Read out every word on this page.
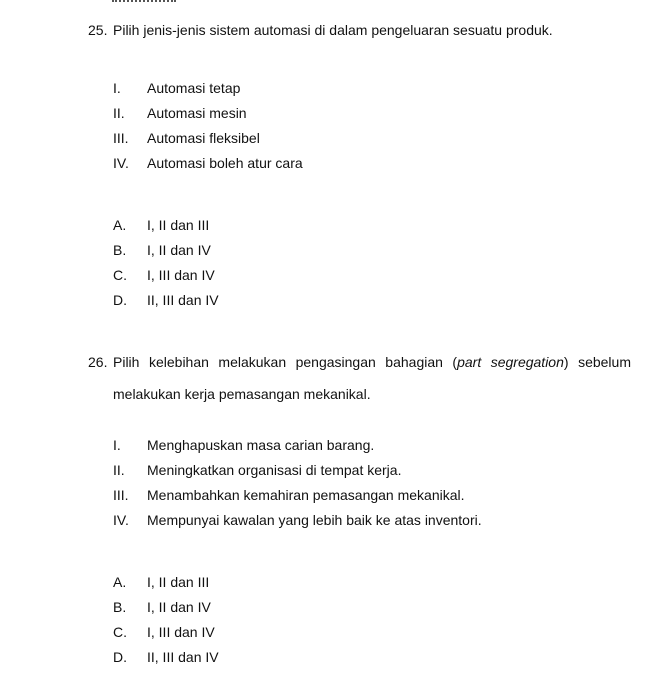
25. Pilih jenis-jenis sistem automasi di dalam pengeluaran sesuatu produk.
I. Automasi tetap
II. Automasi mesin
III. Automasi fleksibel
IV. Automasi boleh atur cara
A. I, II dan III
B. I, II dan IV
C. I, III dan IV
D. II, III dan IV
26. Pilih kelebihan melakukan pengasingan bahagian (part segregation) sebelum
melakukan kerja pemasangan mekanikal.
I. Menghapuskan masa carian barang.
II. Meningkatkan organisasi di tempat kerja.
III. Menambahkan kemahiran pemasangan mekanikal.
IV. Mempunyai kawalan yang lebih baik ke atas inventori.
A. I, II dan III
B. I, II dan IV
C. I, III dan IV
D. II, III dan IV
